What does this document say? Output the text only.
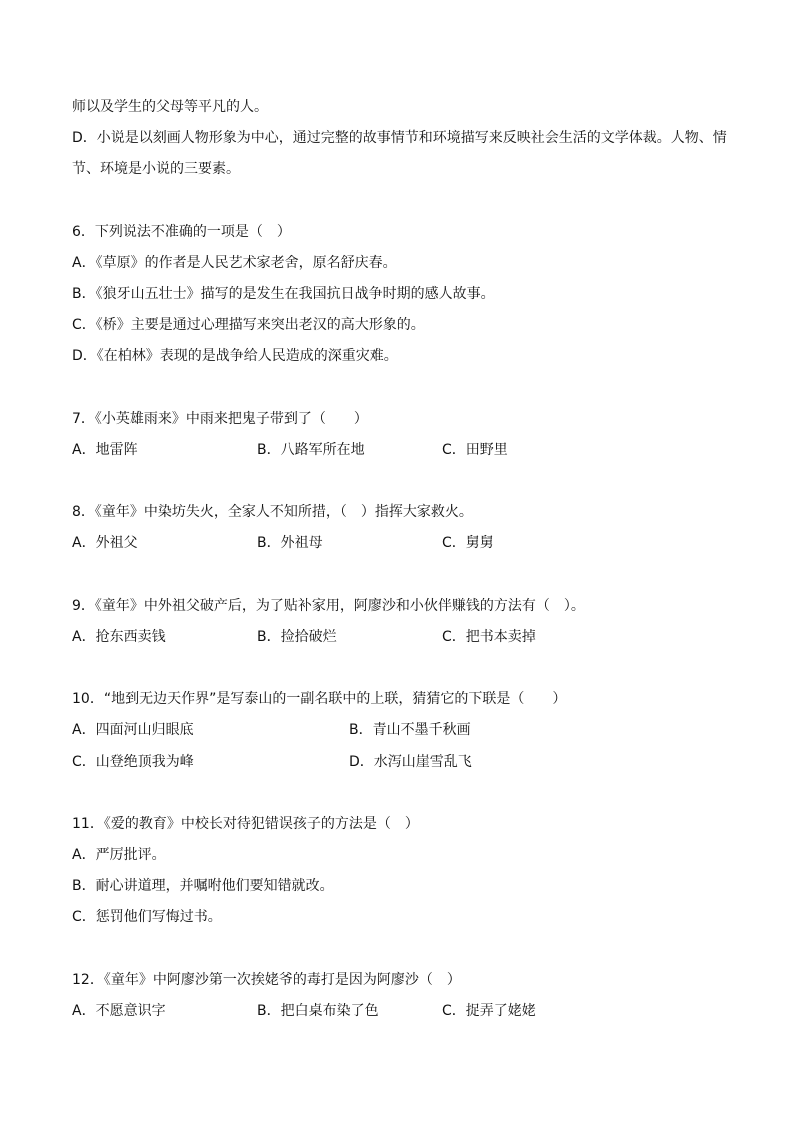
师以及学生的父母等平凡的人。
D．小说是以刻画人物形象为中心，通过完整的故事情节和环境描写来反映社会生活的文学体裁。人物、情
节、环境是小说的三要素。
6．下列说法不准确的一项是（　）
A．《草原》的作者是人民艺术家老舍，原名舒庆春。
B．《狼牙山五壮士》描写的是发生在我国抗日战争时期的感人故事。
C．《桥》主要是通过心理描写来突出老汉的高大形象的。
D．《在柏林》表现的是战争给人民造成的深重灾难。
7．《小英雄雨来》中雨来把鬼子带到了（　　）
A．地雷阵	B．八路军所在地	C．田野里
8．《童年》中染坊失火，全家人不知所措，（　）指挥大家救火。
A．外祖父	B．外祖母	C．舅舅
9．《童年》中外祖父破产后，为了贴补家用，阿廖沙和小伙伴赚钱的方法有（　）。
A．抢东西卖钱	B．捡拾破烂	C．把书本卖掉
10．“地到无边天作界”是写泰山的一副名联中的上联，猜猜它的下联是（　　）
A．四面河山归眼底	B．青山不墨千秋画
C．山登绝顶我为峰	D．水泻山崖雪乱飞
11．《爱的教育》中校长对待犯错误孩子的方法是（　）
A．严厉批评。
B．耐心讲道理，并嘱咐他们要知错就改。
C．惩罚他们写悔过书。
12．《童年》中阿廖沙第一次挨姥爷的毒打是因为阿廖沙（　）
A．不愿意识字	B．把白桌布染了色	C．捉弄了姥姥
